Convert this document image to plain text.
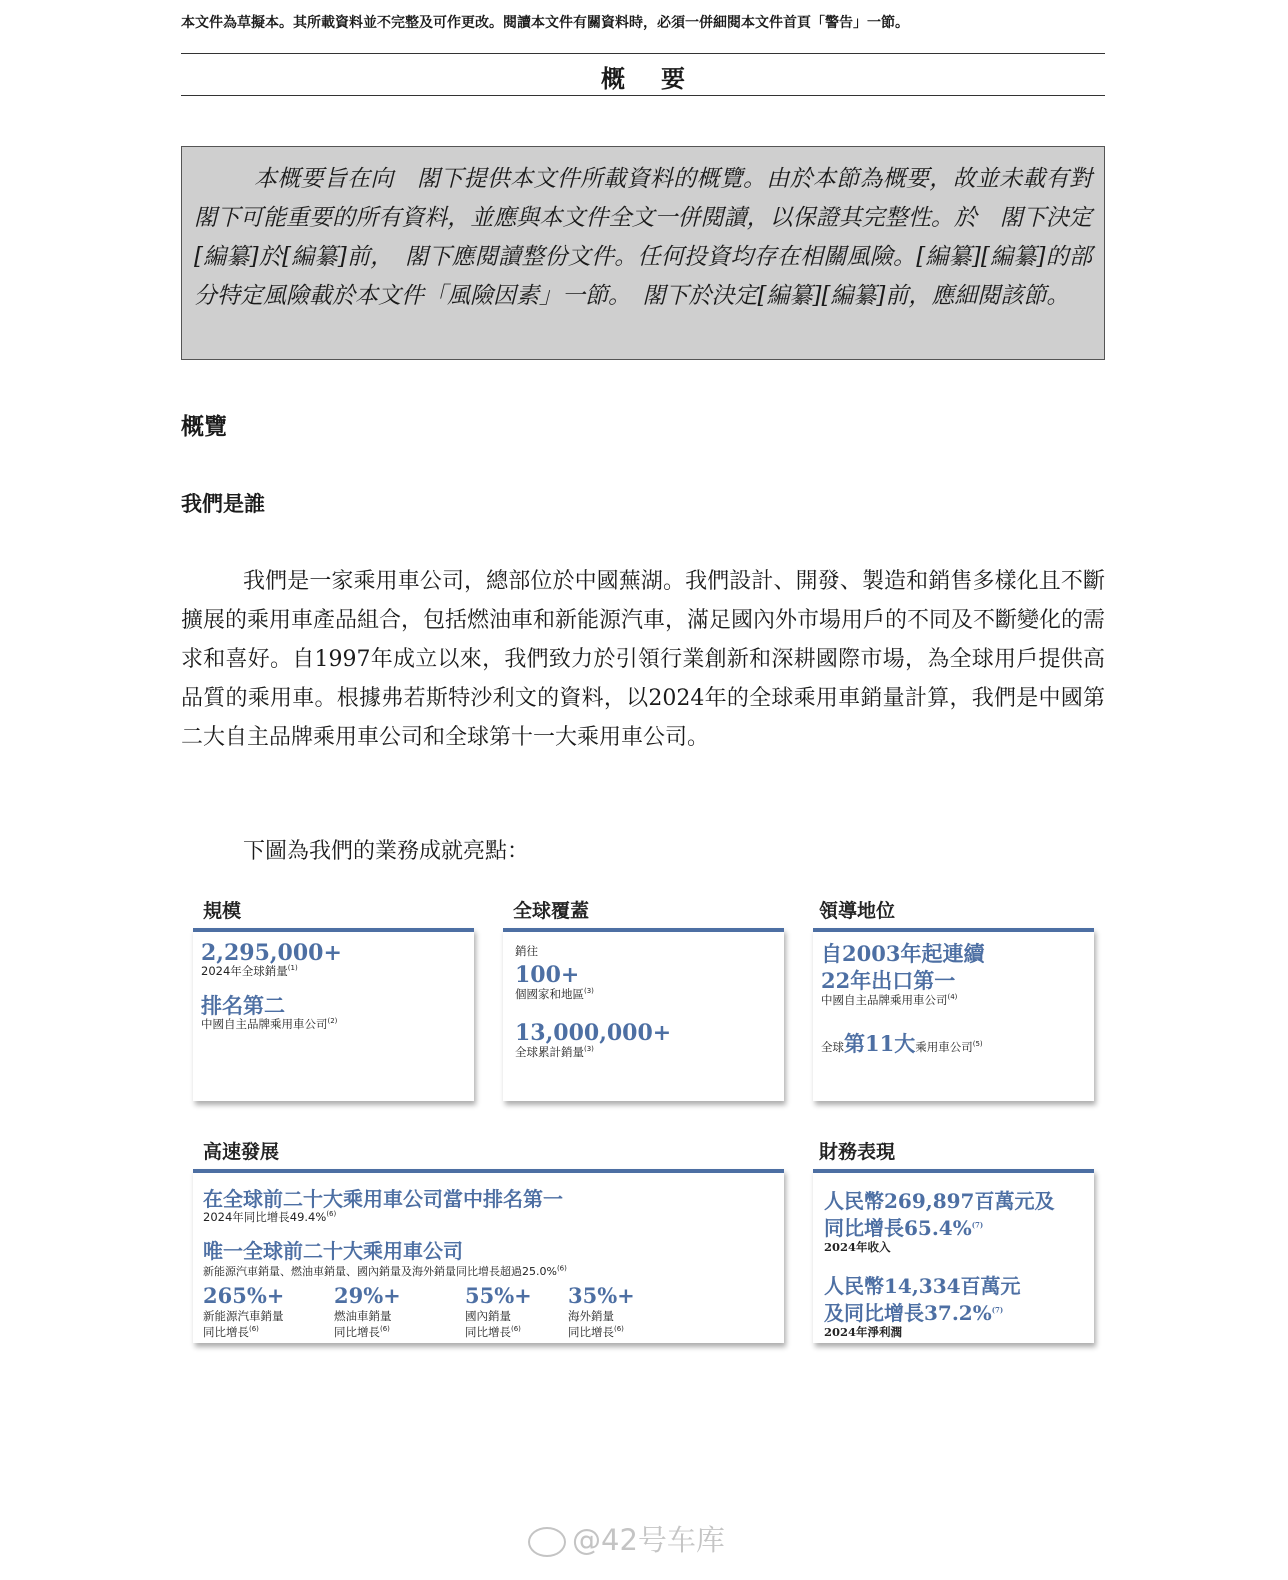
本文件為草擬本。其所載資料並不完整及可作更改。閱讀本文件有關資料時，必須一併細閱本文件首頁「警告」一節。
概要
本概要旨在向　閣下提供本文件所載資料的概覽。由於本節為概要，故並未載有對　閣下可能重要的所有資料，並應與本文件全文一併閱讀，以保證其完整性。於　閣下決定[編纂]於[編纂]前，　閣下應閱讀整份文件。任何投資均存在相關風險。[編纂][編纂]的部分特定風險載於本文件「風險因素」一節。　閣下於決定[編纂][編纂]前，應細閱該節。
概覽
我們是誰
我們是一家乘用車公司，總部位於中國蕪湖。我們設計、開發、製造和銷售多樣化且不斷擴展的乘用車產品組合，包括燃油車和新能源汽車，滿足國內外市場用戶的不同及不斷變化的需求和喜好。自1997年成立以來，我們致力於引領行業創新和深耕國際市場，為全球用戶提供高品質的乘用車。根據弗若斯特沙利文的資料，以2024年的全球乘用車銷量計算，我們是中國第二大自主品牌乘用車公司和全球第十一大乘用車公司。
下圖為我們的業務成就亮點：
規模
2,295,000+
2024年全球銷量$^{(1)}$
排名第二
中國自主品牌乘用車公司$^{(2)}$
全球覆蓋
銷往
100+
個國家和地區$^{(3)}$
13,000,000+
全球累計銷量$^{(3)}$
領導地位
自2003年起連續
22年出口第一
中國自主品牌乘用車公司$^{(4)}$
全球第11大乘用車公司$^{(5)}$
高速發展
在全球前二十大乘用車公司當中排名第一
2024年同比增長49.4%$^{(6)}$
唯一全球前二十大乘用車公司
新能源汽車銷量、燃油車銷量、國內銷量及海外銷量同比增長超過25.0%$^{(6)}$
265%+
新能源汽車銷量
同比增長$^{(6)}$
29%+
燃油車銷量
同比增長$^{(6)}$
55%+
國內銷量
同比增長$^{(6)}$
35%+
海外銷量
同比增長$^{(6)}$
財務表現
人民幣269,897百萬元及
同比增長65.4%$^{(7)}$
2024年收入
人民幣14,334百萬元
及同比增長37.2%$^{(7)}$
2024年淨利潤
@42号车库
